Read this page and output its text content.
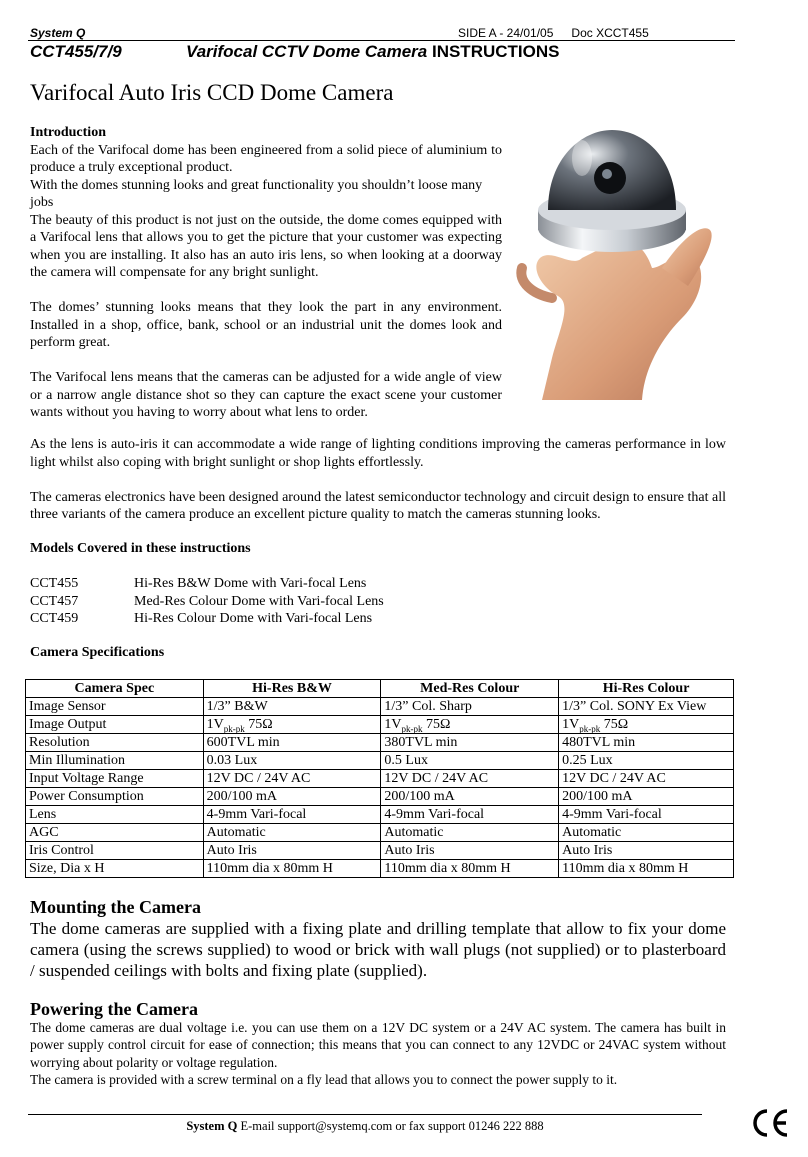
System Q	SIDE A - 24/01/05 Doc XCCT455
CCT455/7/9	Varifocal CCTV Dome Camera INSTRUCTIONS
Varifocal Auto Iris CCD Dome Camera
Introduction

Each of the Varifocal dome has been engineered from a solid piece of aluminium to produce a truly exceptional product.

With the domes stunning looks and great functionality you shouldn’t loose many jobs

The beauty of this product is not just on the outside, the dome comes equipped with a Varifocal lens that allows you to get the picture that your customer was expecting when you are installing. It also has an auto iris lens, so when looking at a doorway the camera will compensate for any bright sunlight.

The domes’ stunning looks means that they look the part in any environment. Installed in a shop, office, bank, school or an industrial unit the domes look and perform great.

The Varifocal lens means that the cameras can be adjusted for a wide angle of view or a narrow angle distance shot so they can capture the exact scene your customer wants without you having to worry about what lens to order.

As the lens is auto-iris it can accommodate a wide range of lighting conditions improving the cameras performance in low light whilst also coping with bright sunlight or shop lights effortlessly.

The cameras electronics have been designed around the latest semiconductor technology and circuit design to ensure that all three variants of the camera produce an excellent picture quality to match the cameras stunning looks.

Models Covered in these instructions
CCT455	Hi-Res B&W Dome with Vari-focal Lens
CCT457	Med-Res Colour Dome with Vari-focal Lens
CCT459	Hi-Res Colour Dome with Vari-focal Lens
Camera Specifications
Camera Spec	Hi-Res B&W	Med-Res Colour	Hi-Res Colour
Image Sensor	1/3” B&W	1/3” Col. Sharp	1/3” Col. SONY Ex View
Image Output	$1V_{pk-pk}$ 75Ω	$1V_{pk-pk}$ 75Ω	$1V_{pk-pk}$ 75Ω
Resolution	600TVL min	380TVL min	480TVL min
Min Illumination	0.03 Lux	0.5 Lux	0.25 Lux
Input Voltage Range	12V DC / 24V AC	12V DC / 24V AC	12V DC / 24V AC
Power Consumption	200/100 mA	200/100 mA	200/100 mA
Lens	4-9mm Vari-focal	4-9mm Vari-focal	4-9mm Vari-focal
AGC	Automatic	Automatic	Automatic
Iris Control	Auto Iris	Auto Iris	Auto Iris
Size, Dia x H	110mm dia x 80mm H	110mm dia x 80mm H	110mm dia x 80mm H
Mounting the Camera
The dome cameras are supplied with a fixing plate and drilling template that allow to fix your dome camera (using the screws supplied) to wood or brick with wall plugs (not supplied) or to plasterboard / suspended ceilings with bolts and fixing plate (supplied).
Powering the Camera

The dome cameras are dual voltage i.e. you can use them on a 12V DC system or a 24V AC system. The camera has built in power supply control circuit for ease of connection; this means that you can connect to any 12VDC or 24VAC system without worrying about polarity or voltage regulation.

The camera is provided with a screw terminal on a fly lead that allows you to connect the power supply to it.

System Q E-mail support@systemq.com or fax support 01246 222 888
